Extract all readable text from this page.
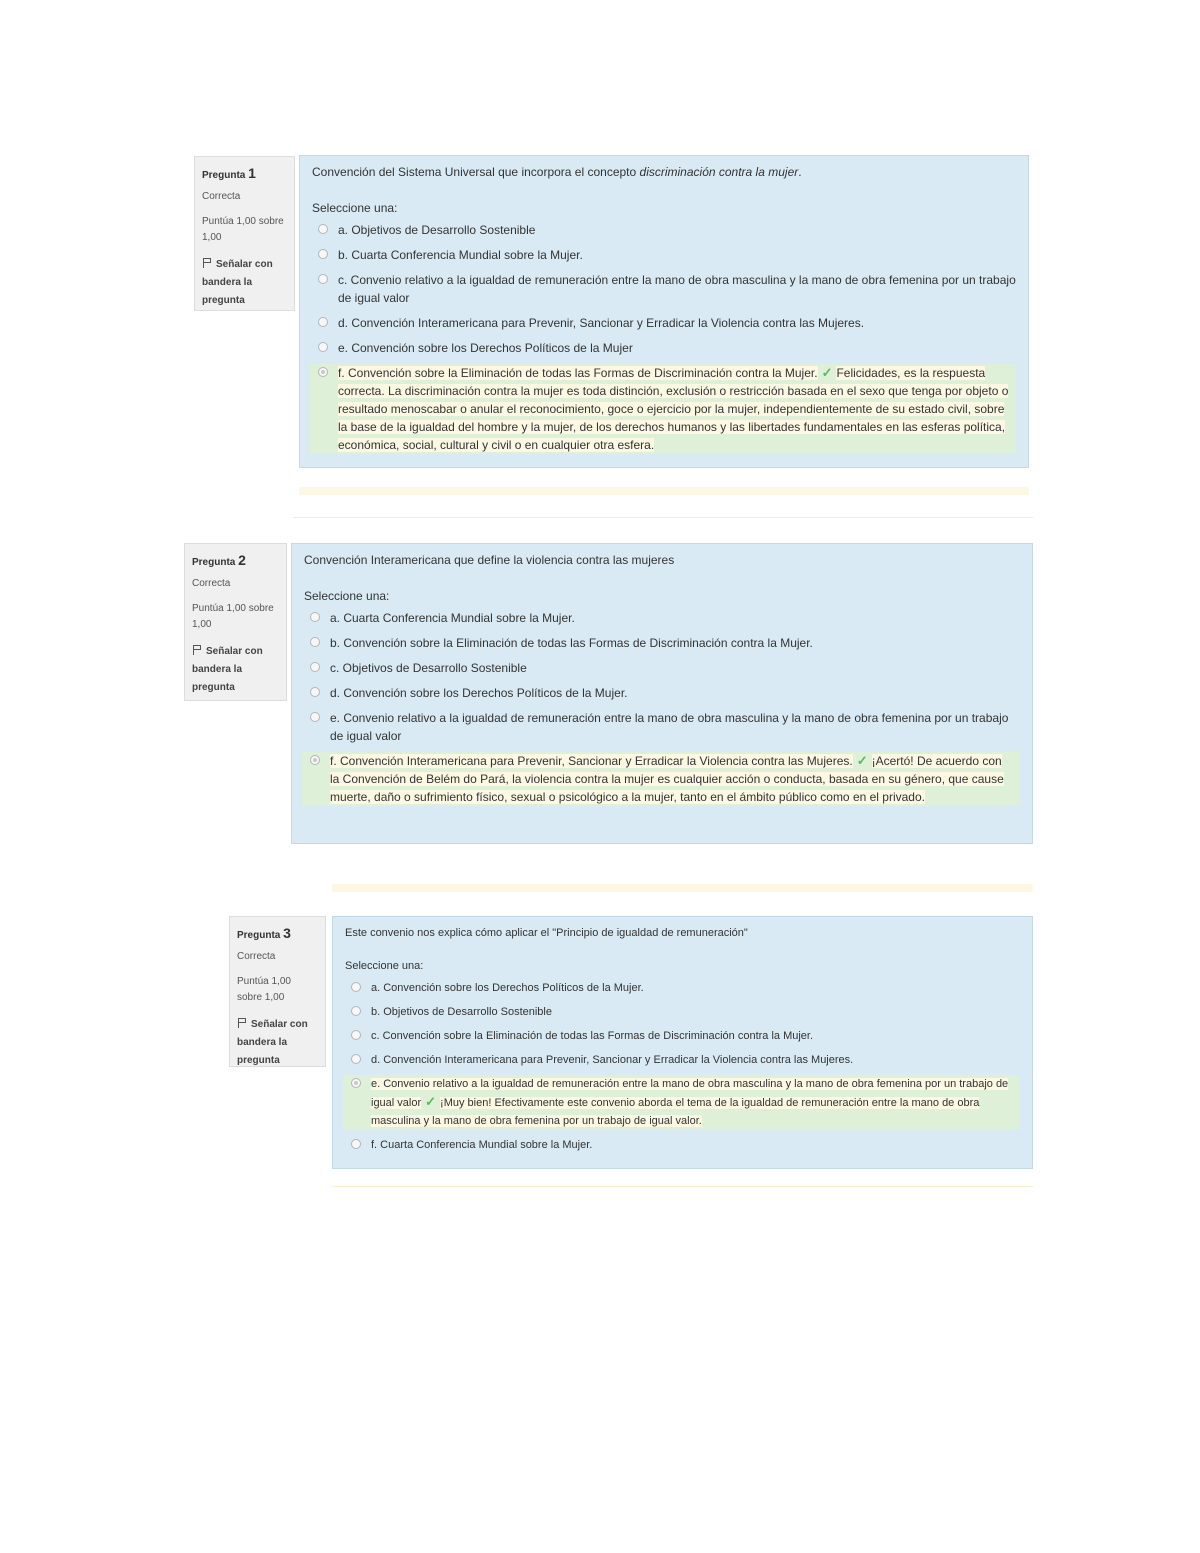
Pregunta 1
Correcta
Puntúa 1,00 sobre 1,00
Señalar con bandera la pregunta
Convención del Sistema Universal que incorpora el concepto discriminación contra la mujer.
Seleccione una:
a. Objetivos de Desarrollo Sostenible
b. Cuarta Conferencia Mundial sobre la Mujer.
c. Convenio relativo a la igualdad de remuneración entre la mano de obra masculina y la mano de obra femenina por un trabajo de igual valor
d. Convención Interamericana para Prevenir, Sancionar y Erradicar la Violencia contra las Mujeres.
e. Convención sobre los Derechos Políticos de la Mujer
f. Convención sobre la Eliminación de todas las Formas de Discriminación contra la Mujer. ✓ Felicidades, es la respuesta correcta. La discriminación contra la mujer es toda distinción, exclusión o restricción basada en el sexo que tenga por objeto o resultado menoscabar o anular el reconocimiento, goce o ejercicio por la mujer, independientemente de su estado civil, sobre la base de la igualdad del hombre y la mujer, de los derechos humanos y las libertades fundamentales en las esferas política, económica, social, cultural y civil o en cualquier otra esfera.
Pregunta 2
Correcta
Puntúa 1,00 sobre 1,00
Señalar con bandera la pregunta
Convención Interamericana que define la violencia contra las mujeres
Seleccione una:
a. Cuarta Conferencia Mundial sobre la Mujer.
b. Convención sobre la Eliminación de todas las Formas de Discriminación contra la Mujer.
c. Objetivos de Desarrollo Sostenible
d. Convención sobre los Derechos Políticos de la Mujer.
e. Convenio relativo a la igualdad de remuneración entre la mano de obra masculina y la mano de obra femenina por un trabajo de igual valor
f. Convención Interamericana para Prevenir, Sancionar y Erradicar la Violencia contra las Mujeres. ✓ ¡Acertó! De acuerdo con la Convención de Belém do Pará, la violencia contra la mujer es cualquier acción o conducta, basada en su género, que cause muerte, daño o sufrimiento físico, sexual o psicológico a la mujer, tanto en el ámbito público como en el privado.
Pregunta 3
Correcta
Puntúa 1,00 sobre 1,00
Señalar con bandera la pregunta
Este convenio nos explica cómo aplicar el "Principio de igualdad de remuneración"
Seleccione una:
a. Convención sobre los Derechos Políticos de la Mujer.
b. Objetivos de Desarrollo Sostenible
c. Convención sobre la Eliminación de todas las Formas de Discriminación contra la Mujer.
d. Convención Interamericana para Prevenir, Sancionar y Erradicar la Violencia contra las Mujeres.
e. Convenio relativo a la igualdad de remuneración entre la mano de obra masculina y la mano de obra femenina por un trabajo de igual valor ✓ ¡Muy bien! Efectivamente este convenio aborda el tema de la igualdad de remuneración entre la mano de obra masculina y la mano de obra femenina por un trabajo de igual valor.
f. Cuarta Conferencia Mundial sobre la Mujer.
